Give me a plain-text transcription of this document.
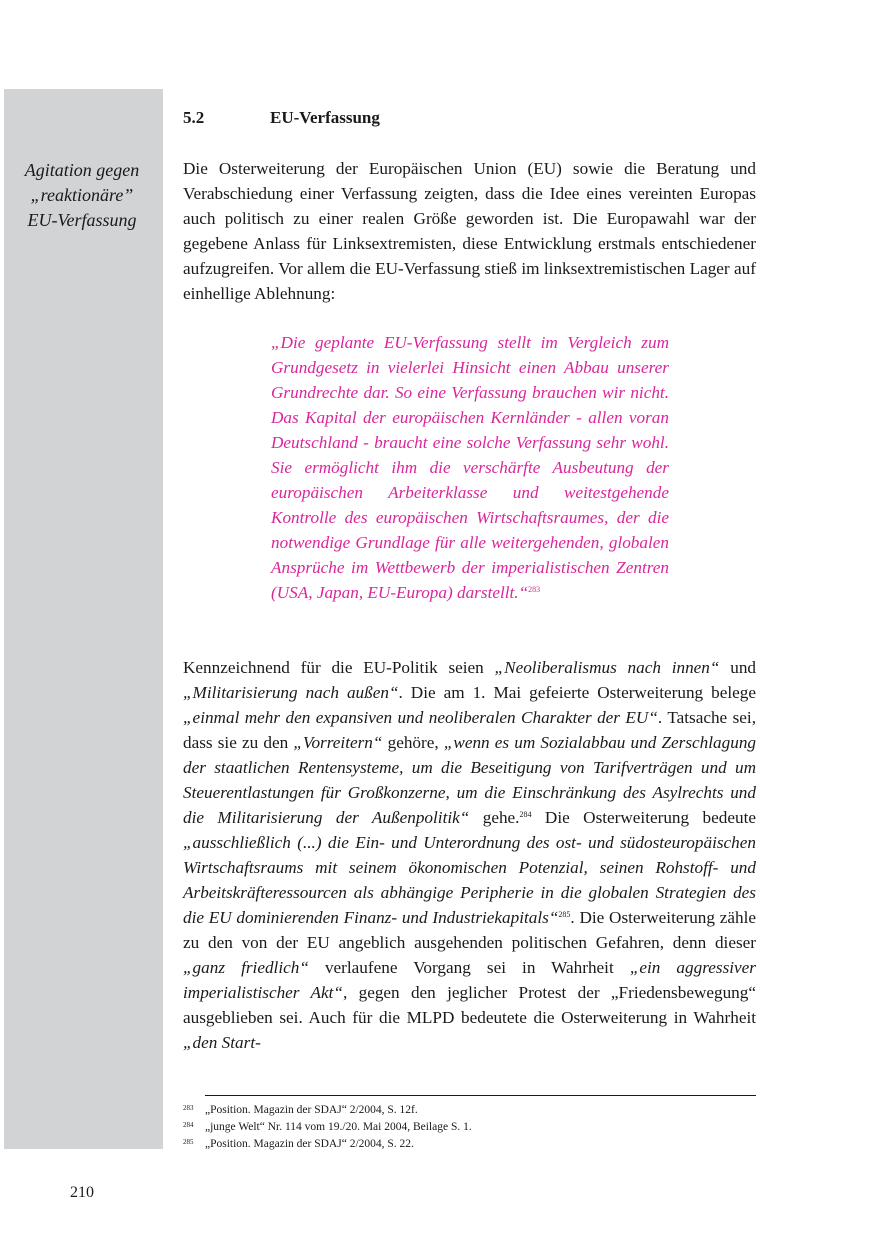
Agitation gegen
„reaktionäre”
EU-Verfassung
5.2	EU-Verfassung

Die Osterweiterung der Europäischen Union (EU) sowie die Beratung und Verabschiedung einer Verfassung zeigten, dass die Idee eines vereinten Europas auch politisch zu einer realen Größe geworden ist. Die Europawahl war der gegebene Anlass für Linksextremisten, diese Entwicklung erstmals entschiedener aufzugreifen. Vor allem die EU-Verfassung stieß im linksextremistischen Lager auf einhellige Ablehnung:

„Die geplante EU-Verfassung stellt im Vergleich zum Grundgesetz in vielerlei Hinsicht einen Abbau unserer Grundrechte dar. So eine Verfassung brauchen wir nicht. Das Kapital der europäischen Kernländer - allen voran Deutschland - braucht eine solche Verfassung sehr wohl. Sie ermöglicht ihm die verschärfte Ausbeutung der europäischen Arbeiterklasse und weitestgehende Kontrolle des europäischen Wirtschaftsraumes, der die notwendige Grundlage für alle weitergehenden, globalen Ansprüche im Wettbewerb der imperialistischen Zentren (USA, Japan, EU-Europa) darstellt.“$^{283}$

Kennzeichnend für die EU-Politik seien „Neoliberalismus nach innen“ und „Militarisierung nach außen“. Die am 1. Mai gefeierte Osterweiterung belege „einmal mehr den expansiven und neoliberalen Charakter der EU“. Tatsache sei, dass sie zu den „Vorreitern“ gehöre, „wenn es um Sozialabbau und Zerschlagung der staatlichen Rentensysteme, um die Beseitigung von Tarifverträgen und um Steuerentlastungen für Großkonzerne, um die Einschränkung des Asylrechts und die Militarisierung der Außenpolitik“ gehe.$^{284}$ Die Osterweiterung bedeute „ausschließlich (...) die Ein- und Unterordnung des ost- und südosteuropäischen Wirtschaftsraums mit seinem ökonomischen Potenzial, seinen Rohstoff- und Arbeitskräfteressourcen als abhängige Peripherie in die globalen Strategien des die EU dominierenden Finanz- und Industriekapitals“$^{285}$. Die Osterweiterung zähle zu den von der EU angeblich ausgehenden politischen Gefahren, denn dieser „ganz friedlich“ verlaufene Vorgang sei in Wahrheit „ein aggressiver imperialistischer Akt“, gegen den jeglicher Protest der „Friedensbewegung“ ausgeblieben sei. Auch für die MLPD bedeutete die Osterweiterung in Wahrheit „den Start-

283	„Position. Magazin der SDAJ“ 2/2004, S. 12f.
284	„junge Welt“ Nr. 114 vom 19./20. Mai 2004, Beilage S. 1.
285	„Position. Magazin der SDAJ“ 2/2004, S. 22.
210
